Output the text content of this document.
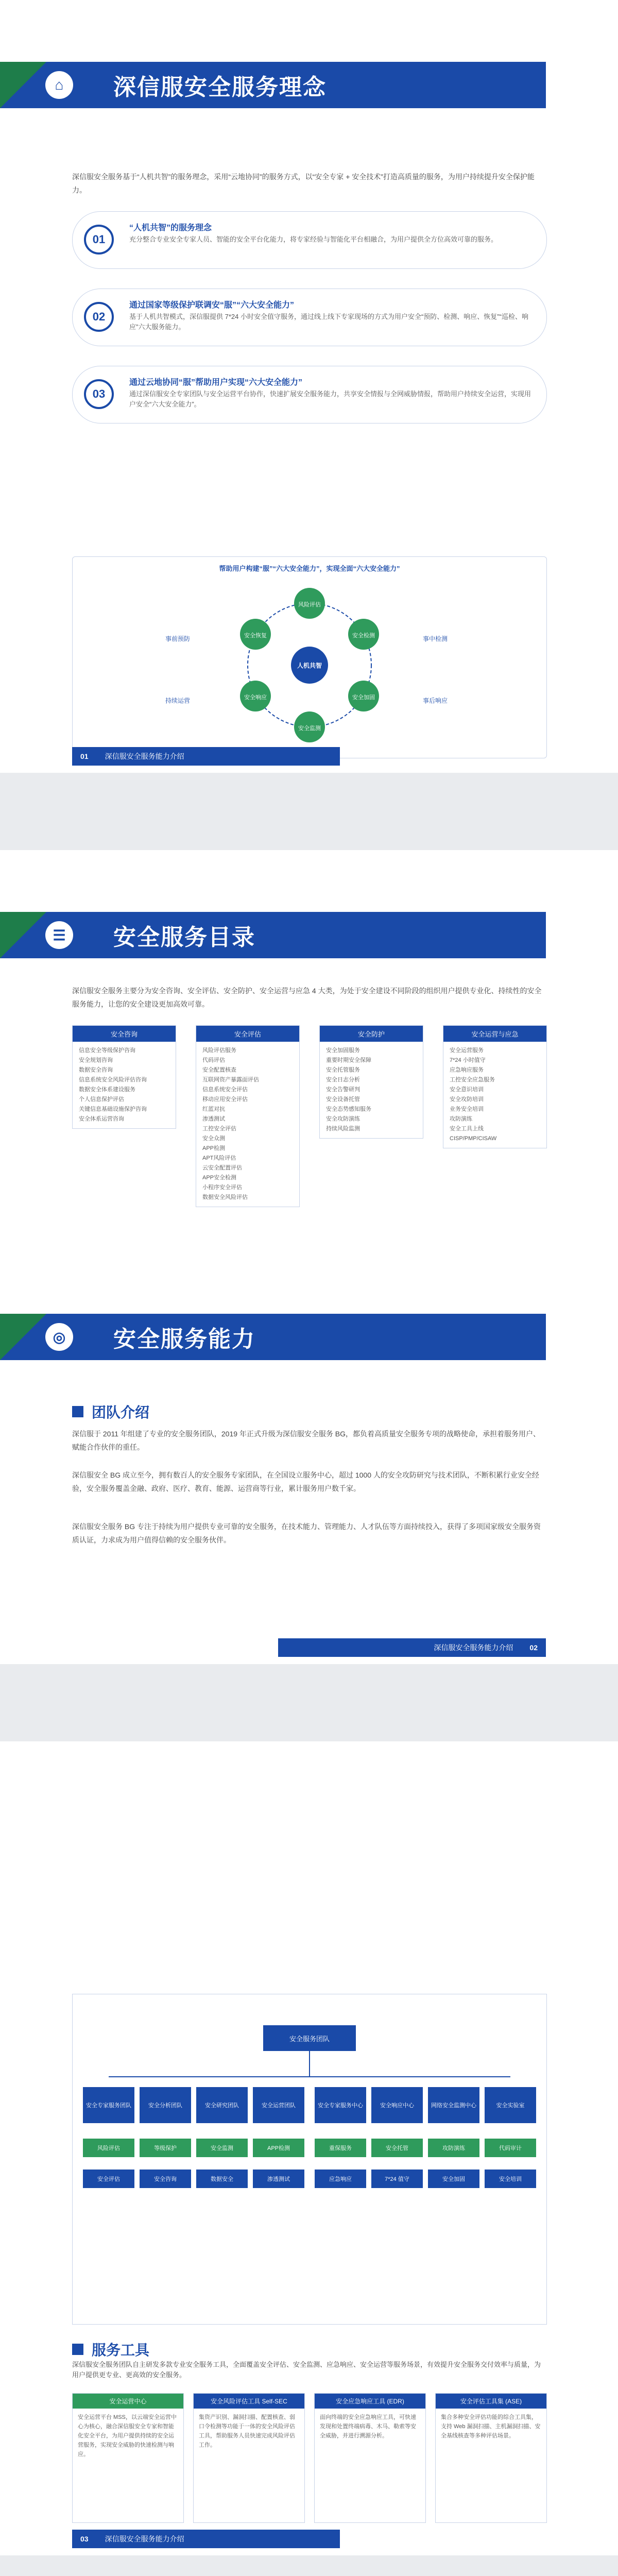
⌂	深信服安全服务理念
深信服安全服务基于“人机共智”的服务理念，采用“云地协同”的服务方式，以“安全专家 + 安全技术”打造高质量的服务，为用户持续提升安全保护能力。
01
“人机共智”的服务理念
充分整合专业安全专家人员、智能的安全平台化能力，将专家经验与智能化平台相融合，为用户提供全方位高效可靠的服务。
02
通过国家等级保护联调安“服”“六大安全能力”
基于人机共智模式，深信服提供 7*24 小时安全值守服务，通过线上线下专家现场的方式为用户安全“预防、检测、响应、恢复”“巡检、响应”六大服务能力。
03
通过云地协同“服”帮助用户实现“六大安全能力”
通过深信服安全专家团队与安全运营平台协作，快速扩展安全服务能力，共享安全情报与全网威胁情报，帮助用户持续安全运营，实现用户安全“六大安全能力”。
帮助用户构建“服”“六大安全能力”，实现全面“六大安全能力”
人机共智
风险评估
安全检测
安全加固
安全监测
安全响应
安全恢复
事前预防	事中检测
事后响应
持续运营
01	深信服安全服务能力介绍
☰	安全服务目录
深信服安全服务主要分为安全咨询、安全评估、安全防护、安全运营与应急 4 大类，为处于安全建设不同阶段的组织用户提供专业化、持续性的安全服务能力，让您的安全建设更加高效可靠。
安全咨询
信息安全等级保护咨询
安全规划咨询
数据安全咨询
信息系统安全风险评估咨询
数据安全体系建设服务
个人信息保护评估
关键信息基础设施保护咨询
安全体系运营咨询
安全评估
风险评估服务
代码评估
安全配置核查
互联网资产暴露面评估
信息系统安全评估
移动应用安全评估
红蓝对抗
渗透测试
工控安全评估
安全众测
APP检测
APT风险评估
云安全配置评估
APP安全检测
小程序安全评估
数据安全风险评估
安全防护
安全加固服务
重要时期安全保障
安全托管服务
安全日志分析
安全告警研判
安全设备托管
安全态势感知服务
安全攻防演练
持续风险监测
安全运营与应急
安全运营服务
7*24 小时值守
应急响应服务
工控安全应急服务
安全意识培训
安全攻防培训
业务安全培训
攻防演练
安全工具上线
CISP/PMP/CISAW
◎	安全服务能力
团队介绍
深信服于 2011 年组建了专业的安全服务团队，2019 年正式升级为深信服安全服务 BG，都负着高质量安全服务专项的战略使命，承担着服务用户、赋能合作伙伴的重任。
深信服安全 BG 成立至今，拥有数百人的安全服务专家团队，在全国设立服务中心，超过 1000 人的安全攻防研究与技术团队，不断积累行业安全经验，安全服务覆盖金融、政府、医疗、教育、能源、运营商等行业，累计服务用户数千家。
深信服安全服务 BG 专注于持续为用户提供专业可靠的安全服务，在技术能力、管理能力、人才队伍等方面持续投入，获得了多项国家级安全服务资质认证，力求成为用户值得信赖的安全服务伙伴。
深信服安全服务能力介绍	02
安全服务团队
安全专家服务团队	安全分析团队	安全研究团队	安全运营团队	安全专家服务中心	安全响应中心	网络安全监测中心	安全实验室
风险评估	等级保护	安全监测	APP检测	重保服务	安全托管	攻防演练	代码审计
安全评估	安全咨询	数据安全	渗透测试	应急响应	7*24 值守	安全加固	安全培训
服务工具
深信服安全服务团队自主研发多款专业安全服务工具，全面覆盖安全评估、安全监测、应急响应、安全运营等服务场景，有效提升安全服务交付效率与质量，为用户提供更专业、更高效的安全服务。
安全运营中心
安全运营平台 MSS，以云端安全运营中心为核心，融合深信服安全专家和智能化安全平台，为用户提供持续的安全运营服务，实现安全威胁的快速检测与响应。
安全风险评估工具 Self-SEC
集资产识别、漏洞扫描、配置核查、弱口令检测等功能于一体的安全风险评估工具，帮助服务人员快速完成风险评估工作。
安全应急响应工具 (EDR)
面向终端的安全应急响应工具，可快速发现和处置终端病毒、木马、勒索等安全威胁，并进行溯源分析。
安全评估工具集 (ASE)
集合多种安全评估功能的综合工具集，支持 Web 漏洞扫描、主机漏洞扫描、安全基线核查等多种评估场景。
03	深信服安全服务能力介绍
